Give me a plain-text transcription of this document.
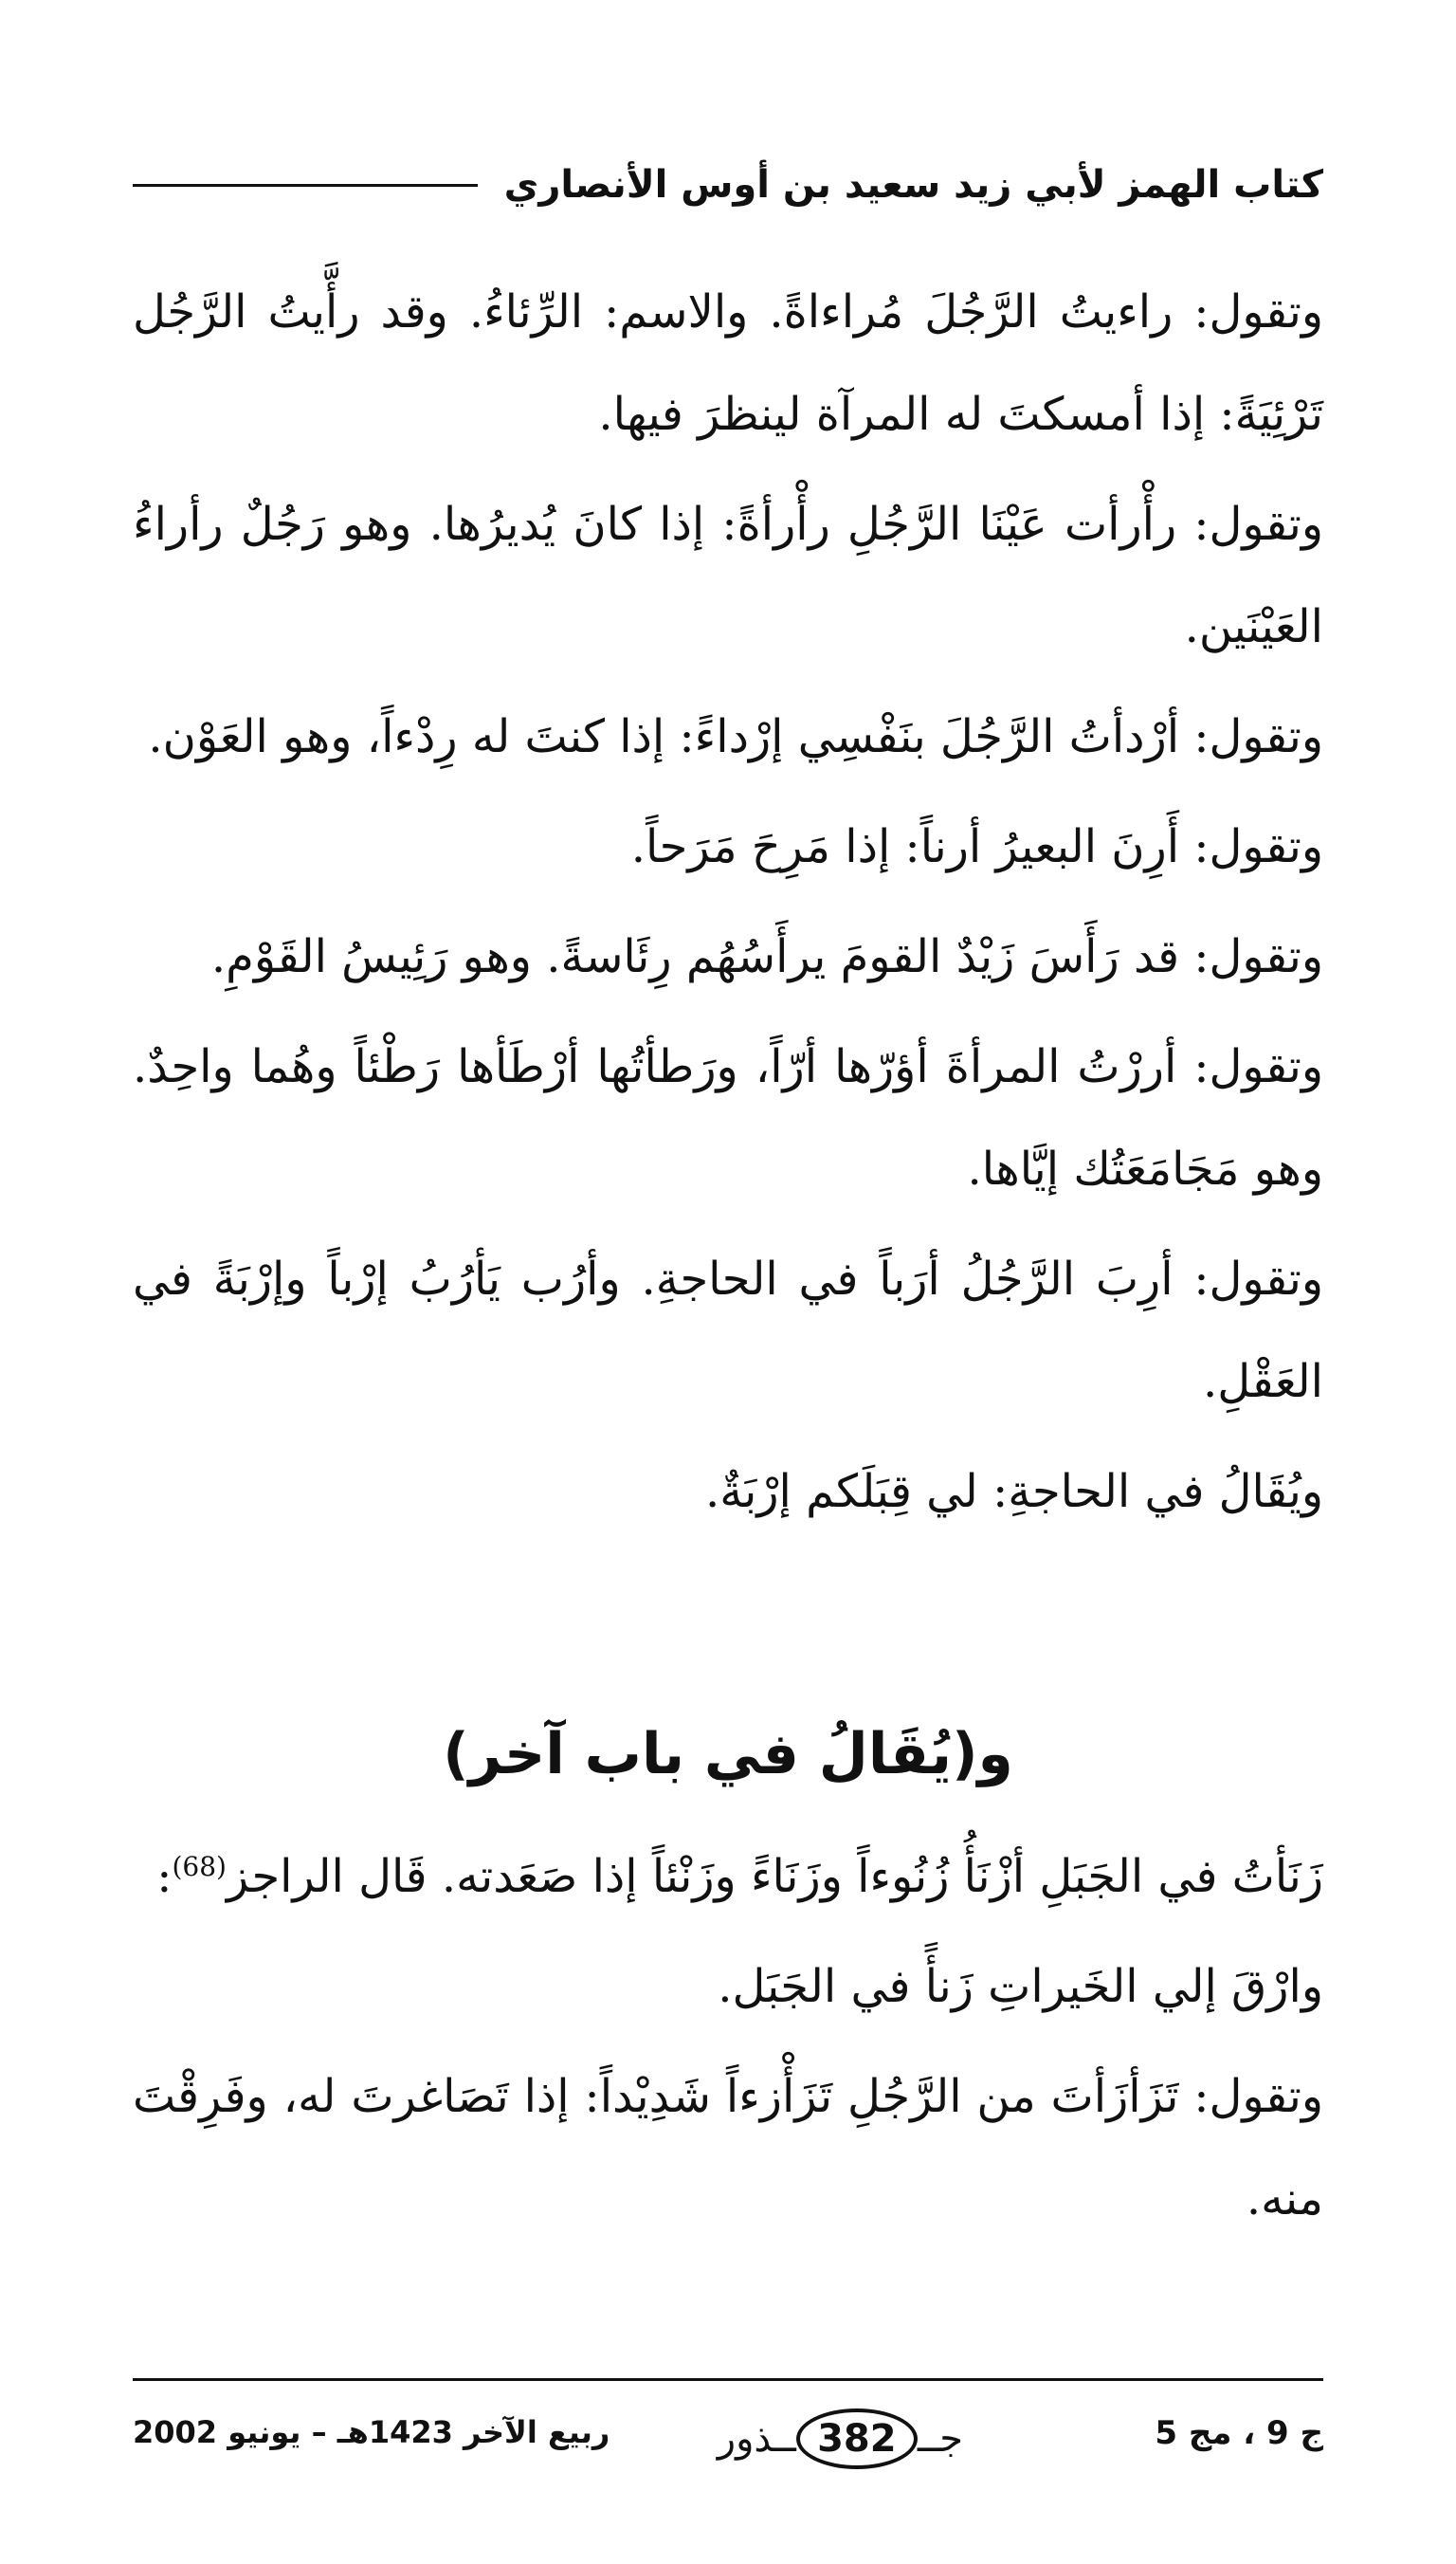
كتاب الهمز لأبي زيد سعيد بن أوس الأنصاري

وتقول: راءيتُ الرَّجُلَ مُراءاةً. والاسم: الرِّئاءُ. وقد رأَّيتُ الرَّجُل تَرْئِيَةً: إذا أمسكتَ له المرآة لينظرَ فيها.

وتقول: رأْرأت عَيْنَا الرَّجُلِ رأْرأةً: إذا كانَ يُديرُها. وهو رَجُلٌ رأراءُ العَيْنَين.

وتقول: أرْدأتُ الرَّجُلَ بنَفْسِي إرْداءً: إذا كنتَ له رِدْءاً، وهو العَوْن.

وتقول: أَرِنَ البعيرُ أرناً: إذا مَرِحَ مَرَحاً.

وتقول: قد رَأَسَ زَيْدٌ القومَ يرأَسُهُم رِئَاسةً. وهو رَئِيسُ القَوْمِ.

وتقول: أررْتُ المرأةَ أؤرّها أرّاً، ورَطأتُها أرْطَأها رَطْئاً وهُما واحِدٌ. وهو مَجَامَعَتُك إيَّاها.

وتقول: أرِبَ الرَّجُلُ أرَباً في الحاجةِ. وأرُب يَأرُبُ إرْباً وإرْبَةً في العَقْلِ.

ويُقَالُ في الحاجةِ: لي قِبَلَكم إرْبَةٌ.

و(يُقَالُ في باب آخر)

زَنَأتُ في الجَبَلِ أزْنَأُ زُنُوءاً وزَنَاءً وزَنْئاً إذا صَعَدته. قَال الراجز$^{(68)}$:

وارْقَ إلي الخَيراتِ زَنأً في الجَبَل.

وتقول: تَزَأزَأتَ من الرَّجُلِ تَزَأْزءاً شَدِيْداً: إذا تَصَاغرتَ له، وفَرِقْتَ منه.

ج 9 ، مج 5
جــ
382
ــذور
ربيع الآخر 1423هـ – يونيو 2002
